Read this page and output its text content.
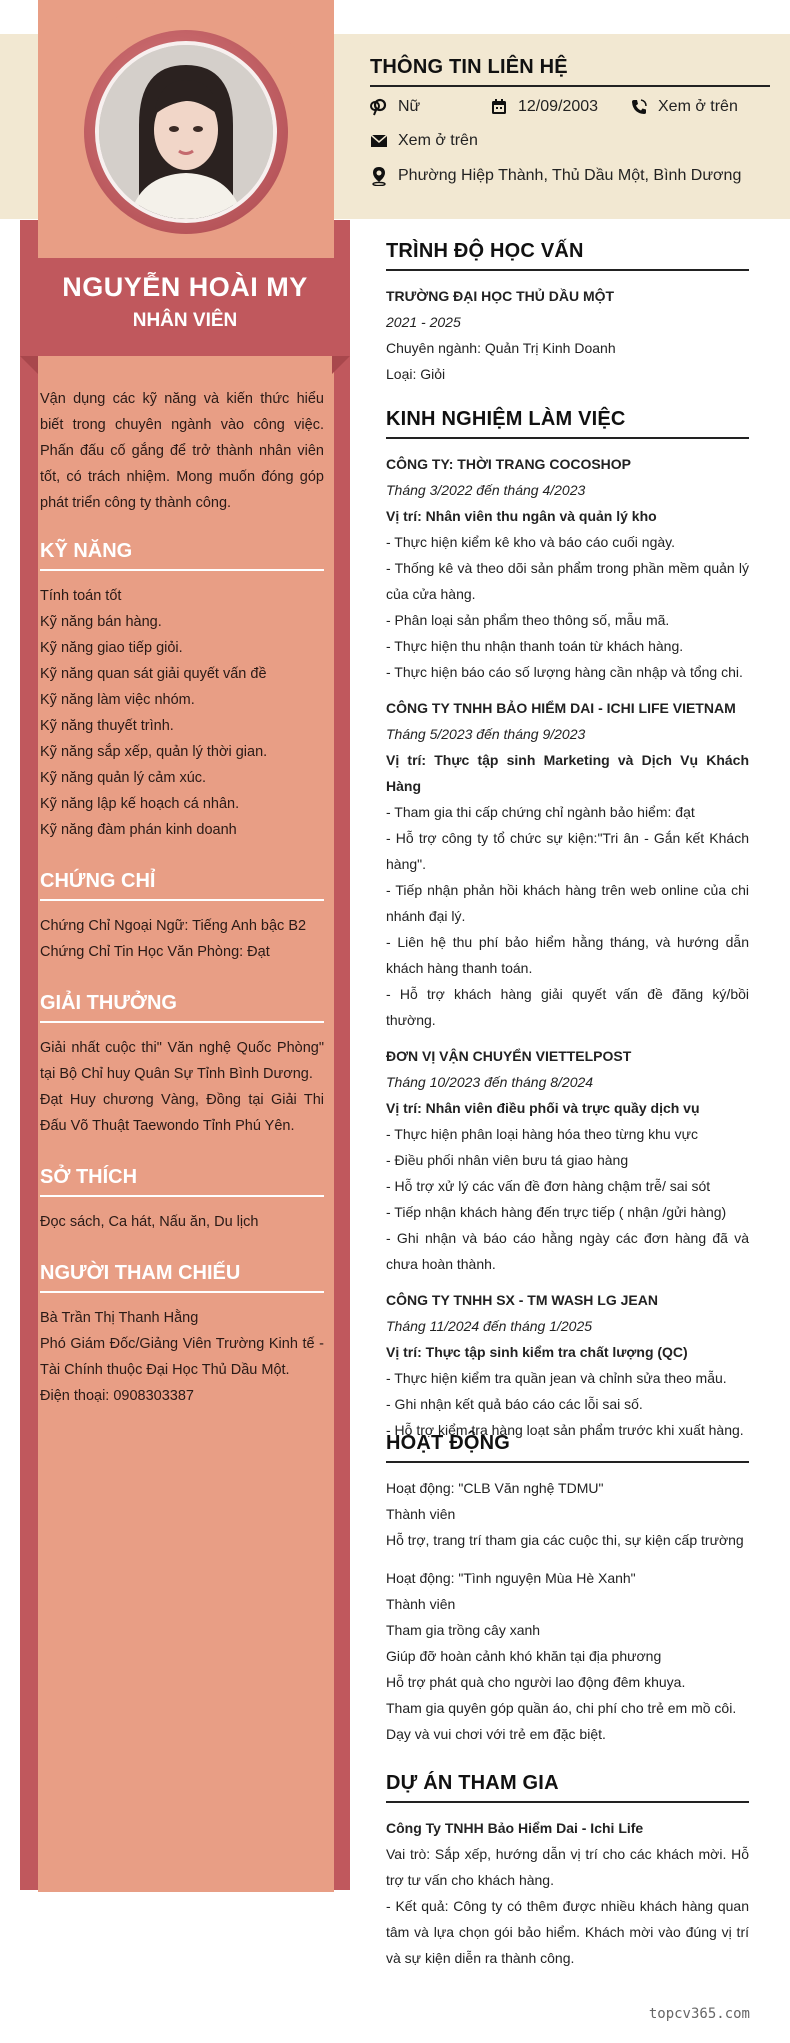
NGUYỄN HOÀI MY
NHÂN VIÊN
Vận dụng các kỹ năng và kiến thức hiểu biết trong chuyên ngành vào công việc. Phấn đấu cố gắng để trở thành nhân viên tốt, có trách nhiệm. Mong muốn đóng góp phát triển công ty thành công.
KỸ NĂNG
Tính toán tốt
Kỹ năng bán hàng.
Kỹ năng giao tiếp giỏi.
Kỹ năng quan sát giải quyết vấn đề
Kỹ năng làm việc nhóm.
Kỹ năng thuyết trình.
Kỹ năng sắp xếp, quản lý thời gian.
Kỹ năng quản lý cảm xúc.
Kỹ năng lập kế hoạch cá nhân.
Kỹ năng đàm phán kinh doanh
CHỨNG CHỈ
Chứng Chỉ Ngoại Ngữ: Tiếng Anh bậc B2
Chứng Chỉ Tin Học Văn Phòng: Đạt
GIẢI THƯỞNG
Giải nhất cuộc thi" Văn nghệ Quốc Phòng" tại Bộ Chỉ huy Quân Sự Tỉnh Bình Dương.
Đạt Huy chương Vàng, Đồng tại Giải Thi Đấu Võ Thuật Taewondo Tỉnh Phú Yên.
SỞ THÍCH
Đọc sách, Ca hát, Nấu ăn, Du lịch
NGƯỜI THAM CHIẾU
Bà Trần Thị Thanh Hằng
Phó Giám Đốc/Giảng Viên Trường Kinh tế - Tài Chính thuộc Đại Học Thủ Dầu Một.
Điện thoại: 0908303387
THÔNG TIN LIÊN HỆ
Nữ	12/09/2003	Xem ở trên
Xem ở trên
Phường Hiệp Thành, Thủ Dầu Một, Bình Dương
TRÌNH ĐỘ HỌC VẤN
TRƯỜNG ĐẠI HỌC THỦ DẦU MỘT
2021 - 2025
Chuyên ngành: Quản Trị Kinh Doanh
Loại: Giỏi
KINH NGHIỆM LÀM VIỆC
CÔNG TY: THỜI TRANG COCOSHOP
Tháng 3/2022 đến tháng 4/2023
Vị trí: Nhân viên thu ngân và quản lý kho
- Thực hiện kiểm kê kho và báo cáo cuối ngày.
- Thống kê và theo dõi sản phẩm trong phần mềm quản lý của cửa hàng.
- Phân loại sản phẩm theo thông số, mẫu mã.
- Thực hiện thu nhận thanh toán từ khách hàng.
- Thực hiện báo cáo số lượng hàng cần nhập và tổng chi.
CÔNG TY TNHH BẢO HIỂM DAI - ICHI LIFE VIETNAM
Tháng 5/2023 đến tháng 9/2023
Vị trí: Thực tập sinh Marketing và Dịch Vụ Khách Hàng
- Tham gia thi cấp chứng chỉ ngành bảo hiểm: đạt
- Hỗ trợ công ty tổ chức sự kiện:"Tri ân - Gắn kết Khách hàng".
- Tiếp nhận phản hồi khách hàng trên web online của chi nhánh đại lý.
- Liên hệ thu phí bảo hiểm hằng tháng, và hướng dẫn khách hàng thanh toán.
- Hỗ trợ khách hàng giải quyết vấn đề đăng ký/bồi thường.
ĐƠN VỊ VẬN CHUYỂN VIETTELPOST
Tháng 10/2023 đến tháng 8/2024
Vị trí: Nhân viên điều phối và trực quầy dịch vụ
- Thực hiện phân loại hàng hóa theo từng khu vực
- Điều phối nhân viên bưu tá giao hàng
- Hỗ trợ xử lý các vấn đề đơn hàng chậm trễ/ sai sót
- Tiếp nhận khách hàng đến trực tiếp ( nhận /gửi hàng)
- Ghi nhận và báo cáo hằng ngày các đơn hàng đã và chưa hoàn thành.
CÔNG TY TNHH SX - TM WASH LG JEAN
Tháng 11/2024 đến tháng 1/2025
Vị trí: Thực tập sinh kiểm tra chất lượng (QC)
- Thực hiện kiểm tra quần jean và chỉnh sửa theo mẫu.
- Ghi nhận kết quả báo cáo các lỗi sai số.
- Hỗ trợ kiểm tra hàng loạt sản phẩm trước khi xuất hàng.
HOẠT ĐỘNG
Hoạt động: "CLB Văn nghệ TDMU"
Thành viên
Hỗ trợ, trang trí tham gia các cuộc thi, sự kiện cấp trường
Hoạt động: "Tình nguyện Mùa Hè Xanh"
Thành viên
Tham gia trồng cây xanh
Giúp đỡ hoàn cảnh khó khăn tại địa phương
Hỗ trợ phát quà cho người lao động đêm khuya.
Tham gia quyên góp quần áo, chi phí cho trẻ em mồ côi.
Dạy và vui chơi với trẻ em đặc biệt.
DỰ ÁN THAM GIA
Công Ty TNHH Bảo Hiểm Dai - Ichi Life
Vai trò: Sắp xếp, hướng dẫn vị trí cho các khách mời. Hỗ trợ tư vấn cho khách hàng.
- Kết quả: Công ty có thêm được nhiều khách hàng quan tâm và lựa chọn gói bảo hiểm. Khách mời vào đúng vị trí và sự kiện diễn ra thành công.
topcv365.com
